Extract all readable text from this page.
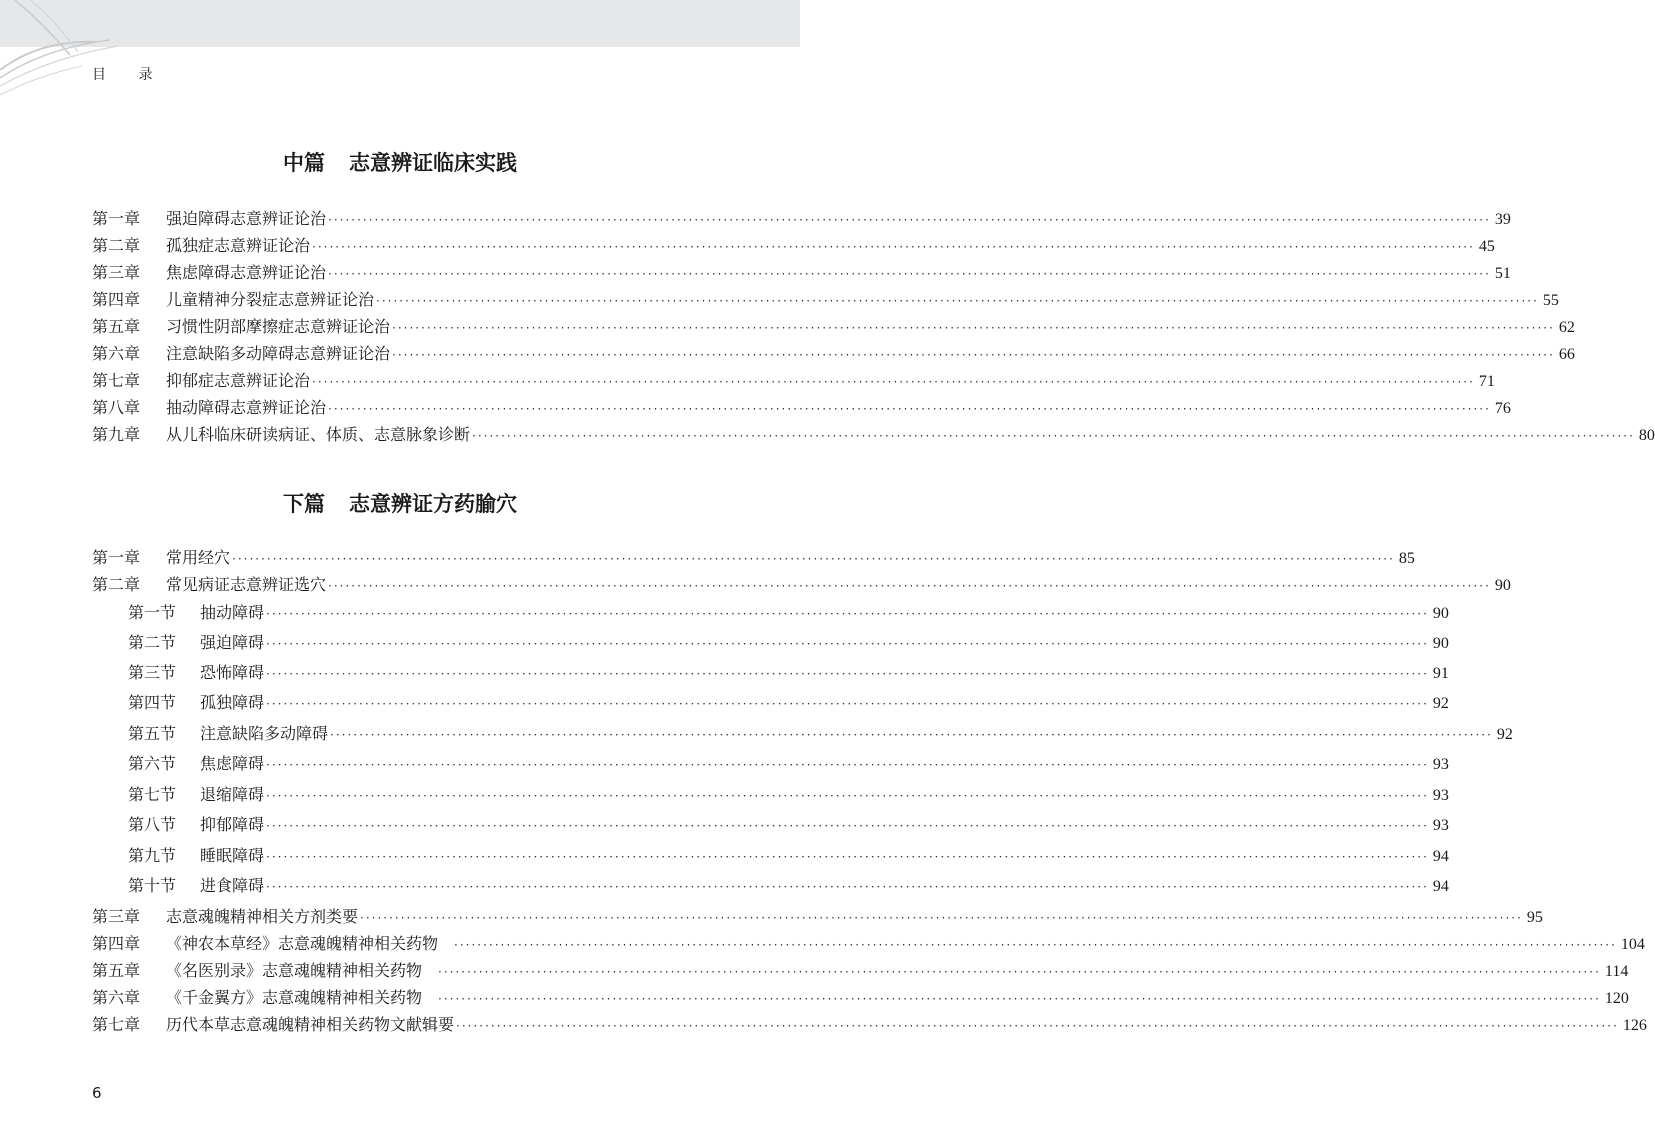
目 录
中篇 志意辨证临床实践
下篇 志意辨证方药腧穴
第一章	强迫障碍志意辨证论治 ········································································································································································································ 39
第二章	孤独症志意辨证论治 ········································································································································································································ 45
第三章	焦虑障碍志意辨证论治 ········································································································································································································ 51
第四章	儿童精神分裂症志意辨证论治 ········································································································································································································ 55
第五章	习惯性阴部摩擦症志意辨证论治 ········································································································································································································ 62
第六章	注意缺陷多动障碍志意辨证论治 ········································································································································································································ 66
第七章	抑郁症志意辨证论治 ········································································································································································································ 71
第八章	抽动障碍志意辨证论治 ········································································································································································································ 76
第九章	从儿科临床研读病证、体质、志意脉象诊断 ········································································································································································································ 80
第一章	常用经穴 ········································································································································································································ 85
第二章	常见病证志意辨证选穴 ········································································································································································································ 90
第一节	抽动障碍 ········································································································································································································ 90
第二节	强迫障碍 ········································································································································································································ 90
第三节	恐怖障碍 ········································································································································································································ 91
第四节	孤独障碍 ········································································································································································································ 92
第五节	注意缺陷多动障碍 ········································································································································································································ 92
第六节	焦虑障碍 ········································································································································································································ 93
第七节	退缩障碍 ········································································································································································································ 93
第八节	抑郁障碍 ········································································································································································································ 93
第九节	睡眠障碍 ········································································································································································································ 94
第十节	进食障碍 ········································································································································································································ 94
第三章	志意魂魄精神相关方剂类要 ········································································································································································································ 95
第四章	《神农本草经》志意魂魄精神相关药物 ········································································································································································································ 104
第五章	《名医别录》志意魂魄精神相关药物 ········································································································································································································ 114
第六章	《千金翼方》志意魂魄精神相关药物 ········································································································································································································ 120
第七章	历代本草志意魂魄精神相关药物文献辑要 ········································································································································································································ 126
6
